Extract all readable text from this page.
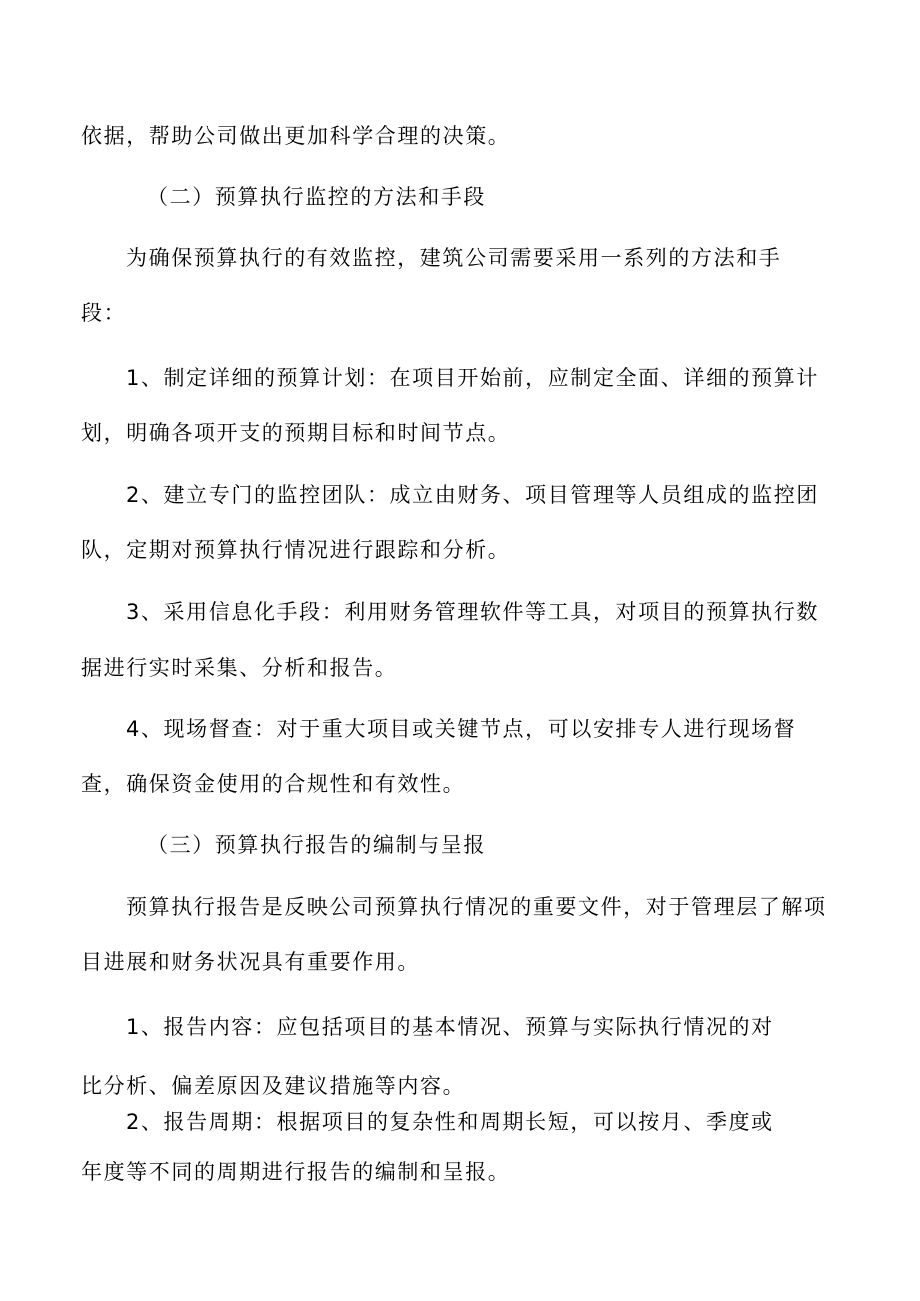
依据，帮助公司做出更加科学合理的决策。

（二）预算执行监控的方法和手段

为确保预算执行的有效监控，建筑公司需要采用一系列的方法和手

段：

1、制定详细的预算计划：在项目开始前，应制定全面、详细的预算计

划，明确各项开支的预期目标和时间节点。

2、建立专门的监控团队：成立由财务、项目管理等人员组成的监控团

队，定期对预算执行情况进行跟踪和分析。

3、采用信息化手段：利用财务管理软件等工具，对项目的预算执行数

据进行实时采集、分析和报告。

4、现场督查：对于重大项目或关键节点，可以安排专人进行现场督

查，确保资金使用的合规性和有效性。

（三）预算执行报告的编制与呈报

预算执行报告是反映公司预算执行情况的重要文件，对于管理层了解项

目进展和财务状况具有重要作用。

1、报告内容：应包括项目的基本情况、预算与实际执行情况的对

比分析、偏差原因及建议措施等内容。

2、报告周期：根据项目的复杂性和周期长短，可以按月、季度或

年度等不同的周期进行报告的编制和呈报。
